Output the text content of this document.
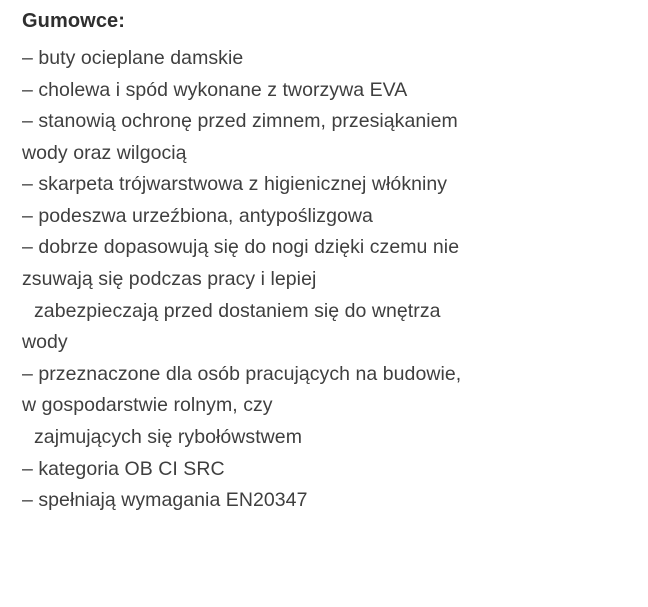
Gumowce:

– buty ocieplane damskie

– cholewa i spód wykonane z tworzywa EVA

– stanowią ochronę przed zimnem, przesiąkaniem

wody oraz wilgocią

– skarpeta trójwarstwowa z higienicznej włókniny

– podeszwa urzeźbiona, antypoślizgowa

– dobrze dopasowują się do nogi dzięki czemu nie

zsuwają się podczas pracy i lepiej

zabezpieczają przed dostaniem się do wnętrza

wody

– przeznaczone dla osób pracujących na budowie,

w gospodarstwie rolnym, czy

zajmujących się rybołówstwem

– kategoria OB CI SRC

– spełniają wymagania EN20347
